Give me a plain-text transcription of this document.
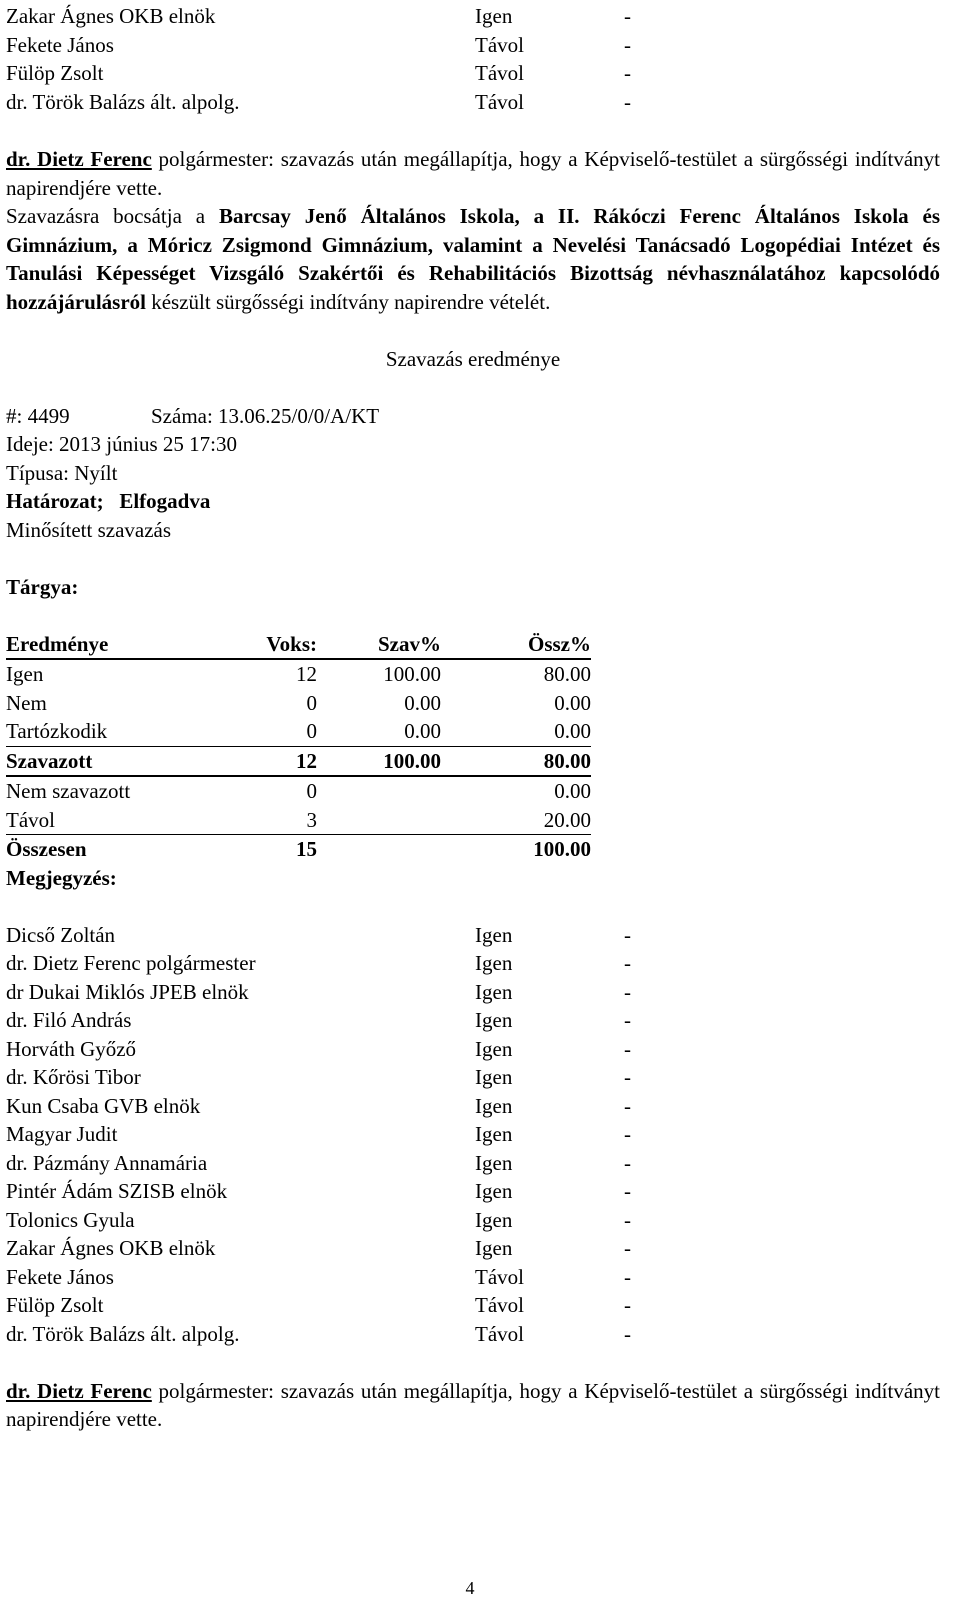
Zakar Ágnes OKB elnök	Igen	-
Fekete János	Távol	-
Fülöp Zsolt	Távol	-
dr. Török Balázs ált. alpolg.	Távol	-

dr. Dietz Ferenc polgármester: szavazás után megállapítja, hogy a Képviselő-testület a sürgősségi indítványt napirendjére vette.

Szavazásra bocsátja a Barcsay Jenő Általános Iskola, a II. Rákóczi Ferenc Általános Iskola és Gimnázium, a Móricz Zsigmond Gimnázium, valamint a Nevelési Tanácsadó Logopédiai Intézet és Tanulási Képességet Vizsgáló Szakértői és Rehabilitációs Bizottság névhasználatához kapcsolódó hozzájárulásról készült sürgősségi indítvány napirendre vételét.

Szavazás eredménye

#: 4499	Száma: 13.06.25/0/0/A/KT
Ideje: 2013 június 25 17:30
Típusa: Nyílt
Határozat; Elfogadva
Minősített szavazás
Tárgya:
Eredménye	Voks:	Szav%	Össz%
Igen	12	100.00	80.00
Nem	0	0.00	0.00
Tartózkodik	0	0.00	0.00
Szavazott	12	100.00	80.00
Nem szavazott	0		0.00
Távol	3		20.00
Összesen	15		100.00
Megjegyzés:
Dicső Zoltán	Igen	-
dr. Dietz Ferenc polgármester	Igen	-
dr Dukai Miklós JPEB elnök	Igen	-
dr. Filó András	Igen	-
Horváth Győző	Igen	-
dr. Kőrösi Tibor	Igen	-
Kun Csaba GVB elnök	Igen	-
Magyar Judit	Igen	-
dr. Pázmány Annamária	Igen	-
Pintér Ádám SZISB elnök	Igen	-
Tolonics Gyula	Igen	-
Zakar Ágnes OKB elnök	Igen	-
Fekete János	Távol	-
Fülöp Zsolt	Távol	-
dr. Török Balázs ált. alpolg.	Távol	-

dr. Dietz Ferenc polgármester: szavazás után megállapítja, hogy a Képviselő-testület a sürgősségi indítványt napirendjére vette.

4
